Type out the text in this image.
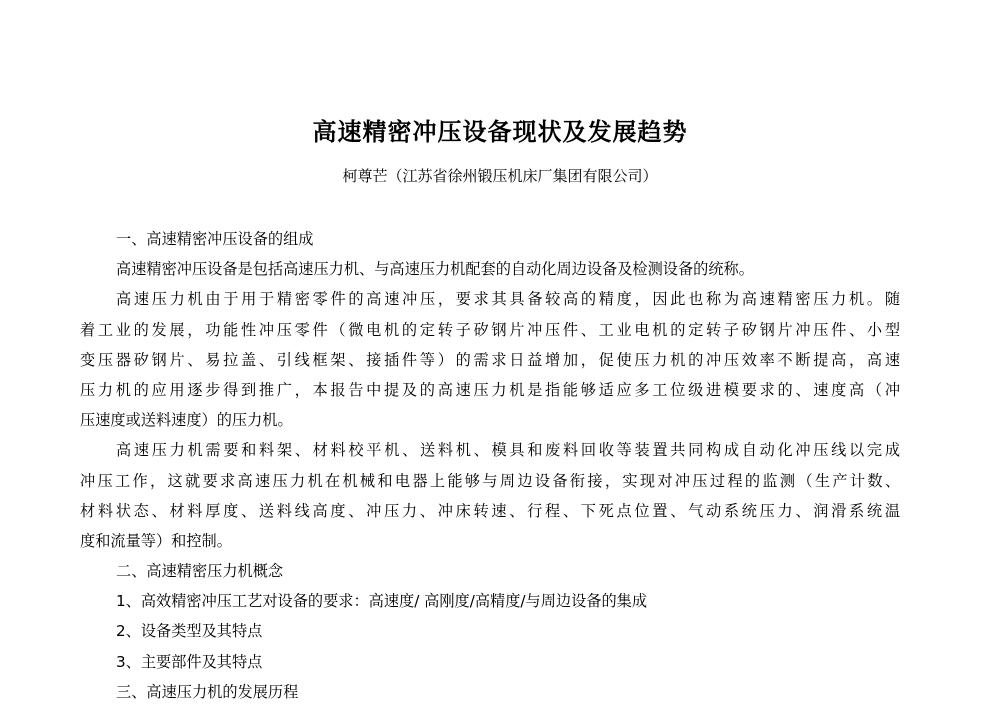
高速精密冲压设备现状及发展趋势

柯尊芒（江苏省徐州锻压机床厂集团有限公司）

一、高速精密冲压设备的组成
高速精密冲压设备是包括高速压力机、与高速压力机配套的自动化周边设备及检测设备的统称。
高速压力机由于用于精密零件的高速冲压，要求其具备较高的精度，因此也称为高速精密压力机。随
着工业的发展，功能性冲压零件（微电机的定转子矽钢片冲压件、工业电机的定转子矽钢片冲压件、小型
变压器矽钢片、易拉盖、引线框架、接插件等）的需求日益增加，促使压力机的冲压效率不断提高，高速
压力机的应用逐步得到推广，本报告中提及的高速压力机是指能够适应多工位级进模要求的、速度高（冲
压速度或送料速度）的压力机。
高速压力机需要和料架、材料校平机、送料机、模具和废料回收等装置共同构成自动化冲压线以完成
冲压工作，这就要求高速压力机在机械和电器上能够与周边设备衔接，实现对冲压过程的监测（生产计数、
材料状态、材料厚度、送料线高度、冲压力、冲床转速、行程、下死点位置、气动系统压力、润滑系统温
度和流量等）和控制。
二、高速精密压力机概念
1、高效精密冲压工艺对设备的要求：高速度/ 高刚度/高精度/与周边设备的集成
2、设备类型及其特点
3、主要部件及其特点
三、高速压力机的发展历程
